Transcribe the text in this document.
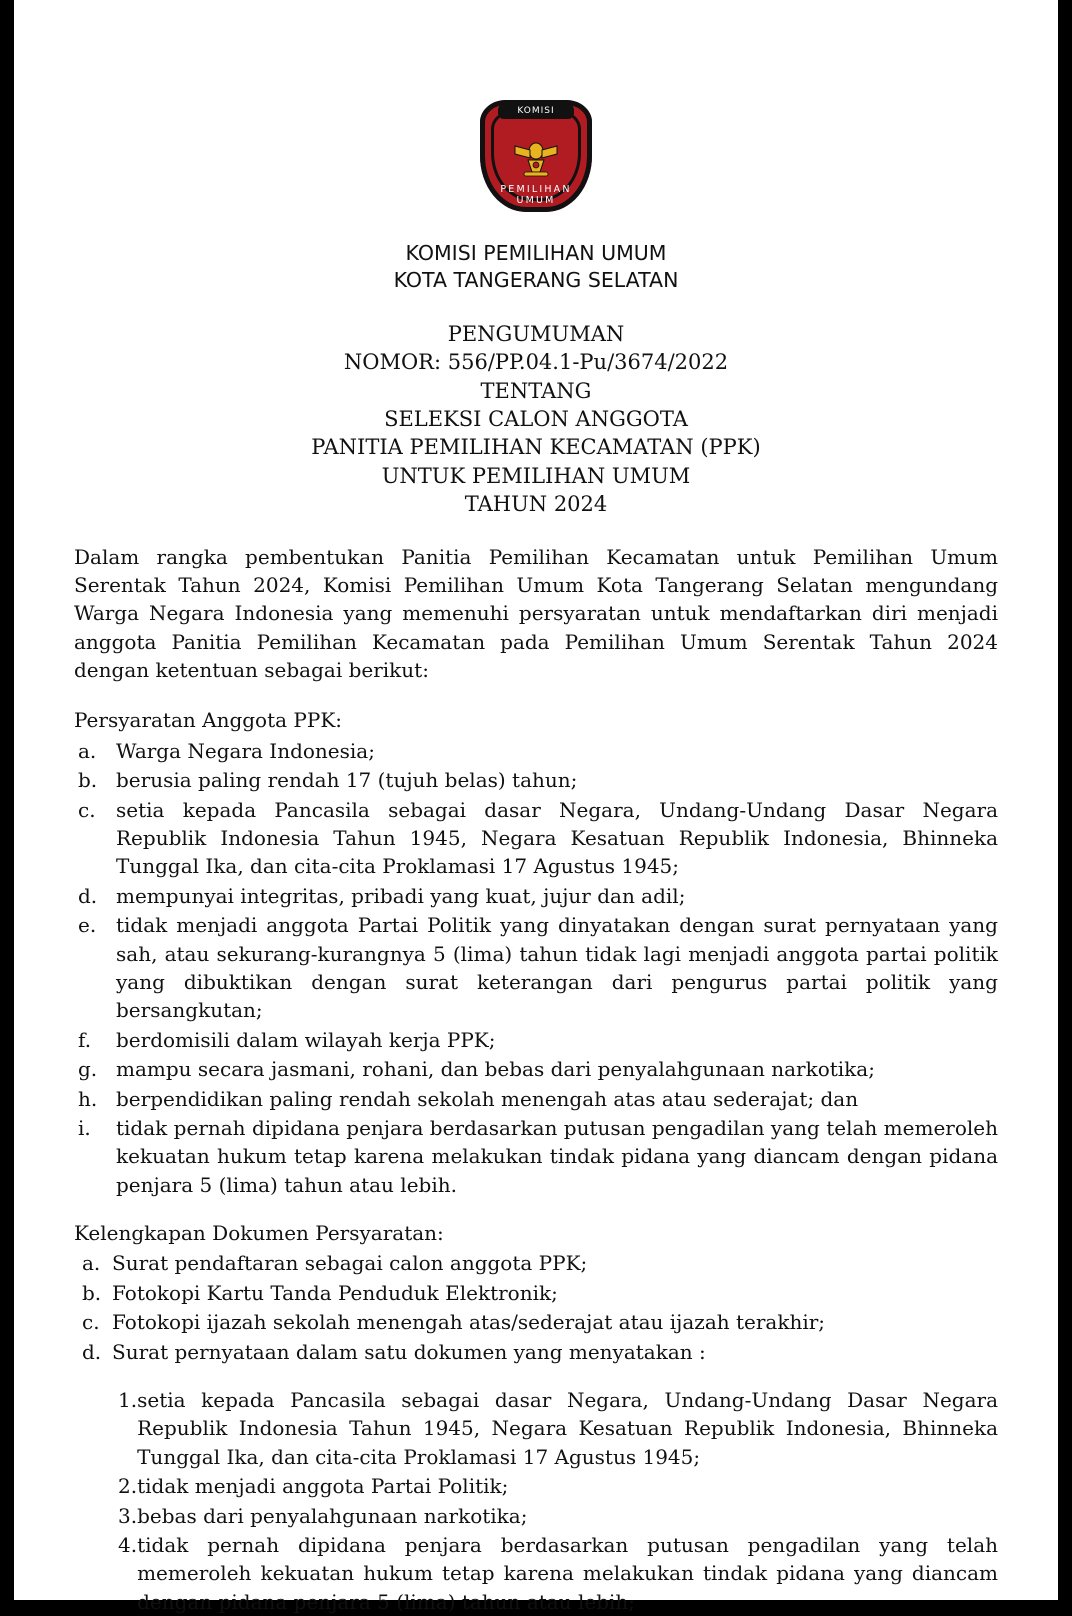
KOMISI
PEMILIHAN UMUM
KOMISI PEMILIHAN UMUM
KOTA TANGERANG SELATAN
PENGUMUMAN
NOMOR: 556/PP.04.1-Pu/3674/2022
TENTANG
SELEKSI CALON ANGGOTA
PANITIA PEMILIHAN KECAMATAN (PPK)
UNTUK PEMILIHAN UMUM
TAHUN 2024

Dalam rangka pembentukan Panitia Pemilihan Kecamatan untuk Pemilihan Umum Serentak Tahun 2024, Komisi Pemilihan Umum Kota Tangerang Selatan mengundang Warga Negara Indonesia yang memenuhi persyaratan untuk mendaftarkan diri menjadi anggota Panitia Pemilihan Kecamatan pada Pemilihan Umum Serentak Tahun 2024 dengan ketentuan sebagai berikut:

Persyaratan Anggota PPK:
a. Warga Negara Indonesia;
b. berusia paling rendah 17 (tujuh belas) tahun;
c.	setia kepada Pancasila sebagai dasar Negara, Undang-Undang Dasar Negara Republik Indonesia Tahun 1945, Negara Kesatuan Republik Indonesia, Bhinneka Tunggal Ika, dan cita-cita Proklamasi 17 Agustus 1945;
d. mempunyai integritas, pribadi yang kuat, jujur dan adil;
e. tidak menjadi anggota Partai Politik yang dinyatakan dengan surat pernyataan yang sah, atau sekurang-kurangnya 5 (lima) tahun tidak lagi menjadi anggota partai politik yang dibuktikan dengan surat keterangan dari pengurus partai politik yang bersangkutan;
f.	berdomisili dalam wilayah kerja PPK;
g. mampu secara jasmani, rohani, dan bebas dari penyalahgunaan narkotika;
h. berpendidikan paling rendah sekolah menengah atas atau sederajat; dan
i.	tidak pernah dipidana penjara berdasarkan putusan pengadilan yang telah memeroleh kekuatan hukum tetap karena melakukan tindak pidana yang diancam dengan pidana penjara 5 (lima) tahun atau lebih.
Kelengkapan Dokumen Persyaratan:
a. Surat pendaftaran sebagai calon anggota PPK;
b. Fotokopi Kartu Tanda Penduduk Elektronik;
c. Fotokopi ijazah sekolah menengah atas/sederajat atau ijazah terakhir;
d. Surat pernyataan dalam satu dokumen yang menyatakan :
1. setia kepada Pancasila sebagai dasar Negara, Undang-Undang Dasar Negara Republik Indonesia Tahun 1945, Negara Kesatuan Republik Indonesia, Bhinneka Tunggal Ika, dan cita-cita Proklamasi 17 Agustus 1945;
2. tidak menjadi anggota Partai Politik;
3. bebas dari penyalahgunaan narkotika;
4. tidak pernah dipidana penjara berdasarkan putusan pengadilan yang telah memeroleh kekuatan hukum tetap karena melakukan tindak pidana yang diancam dengan pidana penjara 5 (lima) tahun atau lebih;
